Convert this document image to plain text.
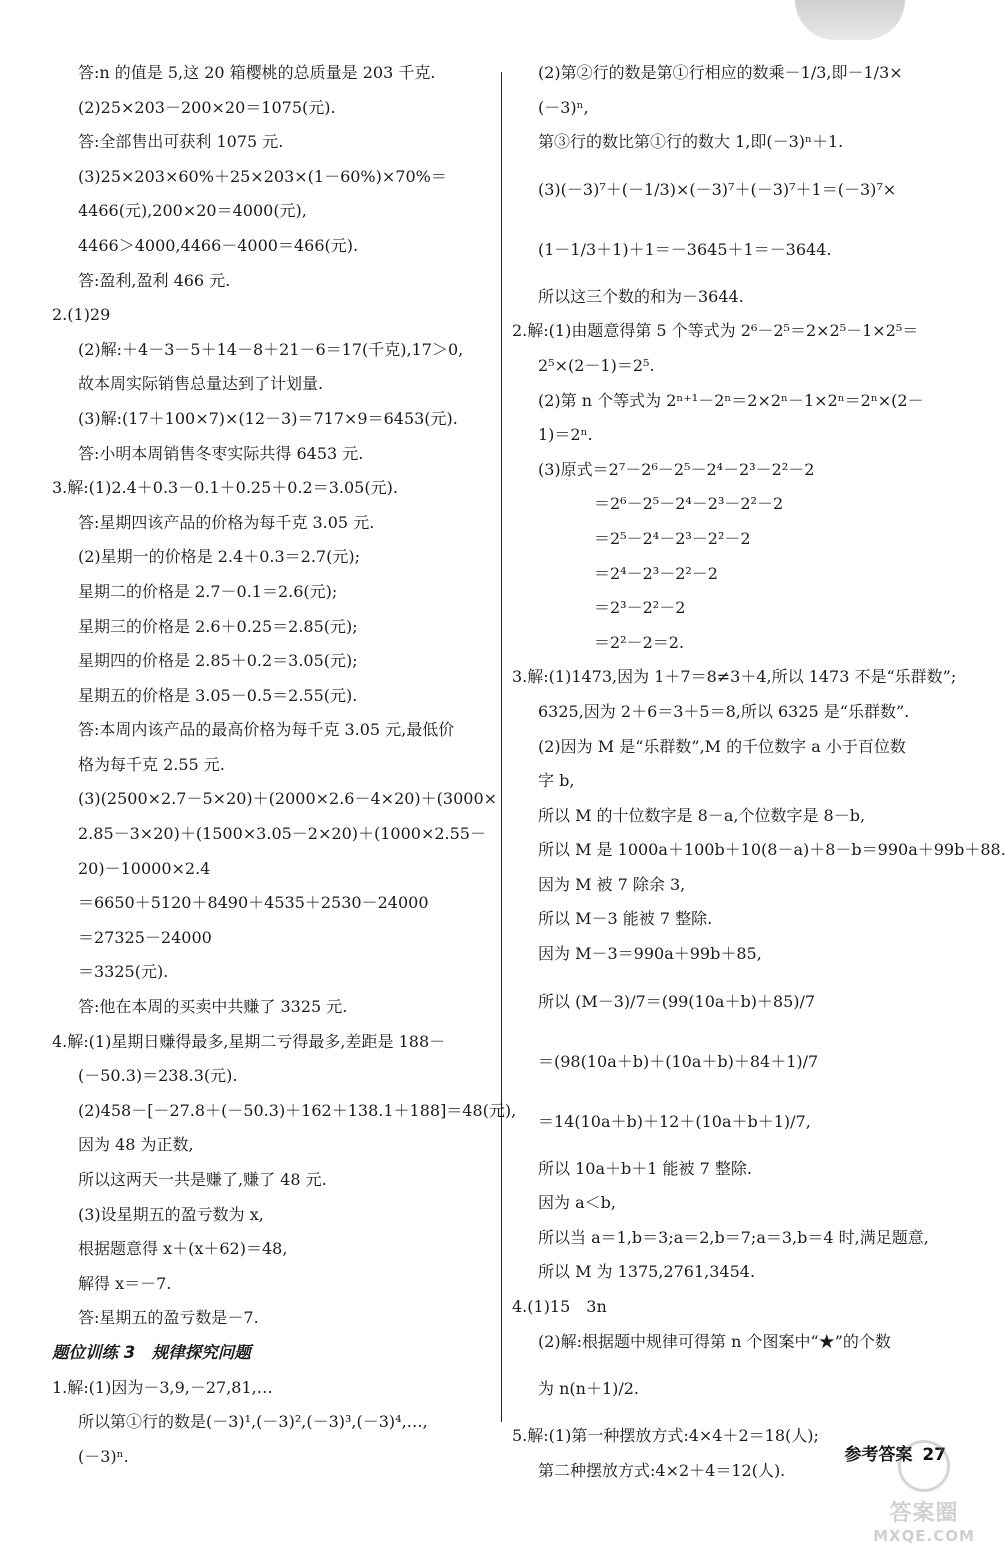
答:n 的值是 5,这 20 箱樱桃的总质量是 203 千克.
(2)25×203－200×20＝1075(元).
答:全部售出可获利 1075 元.
(3)25×203×60%＋25×203×(1－60%)×70%＝
4466(元),200×20＝4000(元),
4466＞4000,4466－4000＝466(元).
答:盈利,盈利 466 元.
2.(1)29
(2)解:＋4－3－5＋14－8＋21－6＝17(千克),17＞0,
故本周实际销售总量达到了计划量.
(3)解:(17＋100×7)×(12－3)＝717×9＝6453(元).
答:小明本周销售冬枣实际共得 6453 元.
3.解:(1)2.4＋0.3－0.1＋0.25＋0.2＝3.05(元).
答:星期四该产品的价格为每千克 3.05 元.
(2)星期一的价格是 2.4＋0.3＝2.7(元);
星期二的价格是 2.7－0.1＝2.6(元);
星期三的价格是 2.6＋0.25＝2.85(元);
星期四的价格是 2.85＋0.2＝3.05(元);
星期五的价格是 3.05－0.5＝2.55(元).
答:本周内该产品的最高价格为每千克 3.05 元,最低价
格为每千克 2.55 元.
(3)(2500×2.7－5×20)＋(2000×2.6－4×20)＋(3000×
2.85－3×20)＋(1500×3.05－2×20)＋(1000×2.55－
20)－10000×2.4
＝6650＋5120＋8490＋4535＋2530－24000
＝27325－24000
＝3325(元).
答:他在本周的买卖中共赚了 3325 元.
4.解:(1)星期日赚得最多,星期二亏得最多,差距是 188－
(－50.3)＝238.3(元).
(2)458－[－27.8＋(－50.3)＋162＋138.1＋188]＝48(元),
因为 48 为正数,
所以这两天一共是赚了,赚了 48 元.
(3)设星期五的盈亏数为 x,
根据题意得 x＋(x＋62)＝48,
解得 x＝－7.
答:星期五的盈亏数是－7.
题位训练 3　规律探究问题
1.解:(1)因为－3,9,－27,81,…
所以第①行的数是(－3)¹,(－3)²,(－3)³,(－3)⁴,…,
(－3)ⁿ.
(2)第②行的数是第①行相应的数乘－1/3,即－1/3×
(－3)ⁿ,
第③行的数比第①行的数大 1,即(－3)ⁿ＋1.
(3)(－3)⁷＋(－1/3)×(－3)⁷＋(－3)⁷＋1＝(－3)⁷×
(1－1/3＋1)＋1＝－3645＋1＝－3644.
所以这三个数的和为－3644.
2.解:(1)由题意得第 5 个等式为 2⁶－2⁵＝2×2⁵－1×2⁵＝
2⁵×(2－1)＝2⁵.
(2)第 n 个等式为 2ⁿ⁺¹－2ⁿ＝2×2ⁿ－1×2ⁿ＝2ⁿ×(2－
1)＝2ⁿ.
(3)原式＝2⁷－2⁶－2⁵－2⁴－2³－2²－2
＝2⁶－2⁵－2⁴－2³－2²－2
＝2⁵－2⁴－2³－2²－2
＝2⁴－2³－2²－2
＝2³－2²－2
＝2²－2＝2.
3.解:(1)1473,因为 1＋7＝8≠3＋4,所以 1473 不是“乐群数”;
6325,因为 2＋6＝3＋5＝8,所以 6325 是“乐群数”.
(2)因为 M 是“乐群数”,M 的千位数字 a 小于百位数
字 b,
所以 M 的十位数字是 8－a,个位数字是 8－b,
所以 M 是 1000a＋100b＋10(8－a)＋8－b＝990a＋99b＋88.
因为 M 被 7 除余 3,
所以 M－3 能被 7 整除.
因为 M－3＝990a＋99b＋85,
所以 (M－3)/7＝(99(10a＋b)＋85)/7
＝(98(10a＋b)＋(10a＋b)＋84＋1)/7
＝14(10a＋b)＋12＋(10a＋b＋1)/7,
所以 10a＋b＋1 能被 7 整除.
因为 a＜b,
所以当 a＝1,b＝3;a＝2,b＝7;a＝3,b＝4 时,满足题意,
所以 M 为 1375,2761,3454.
4.(1)15　3n
(2)解:根据题中规律可得第 n 个图案中“★”的个数
为 n(n＋1)/2.
5.解:(1)第一种摆放方式:4×4＋2＝18(人);
第二种摆放方式:4×2＋4＝12(人).
参考答案 27
答案圈
MXQE.COM
